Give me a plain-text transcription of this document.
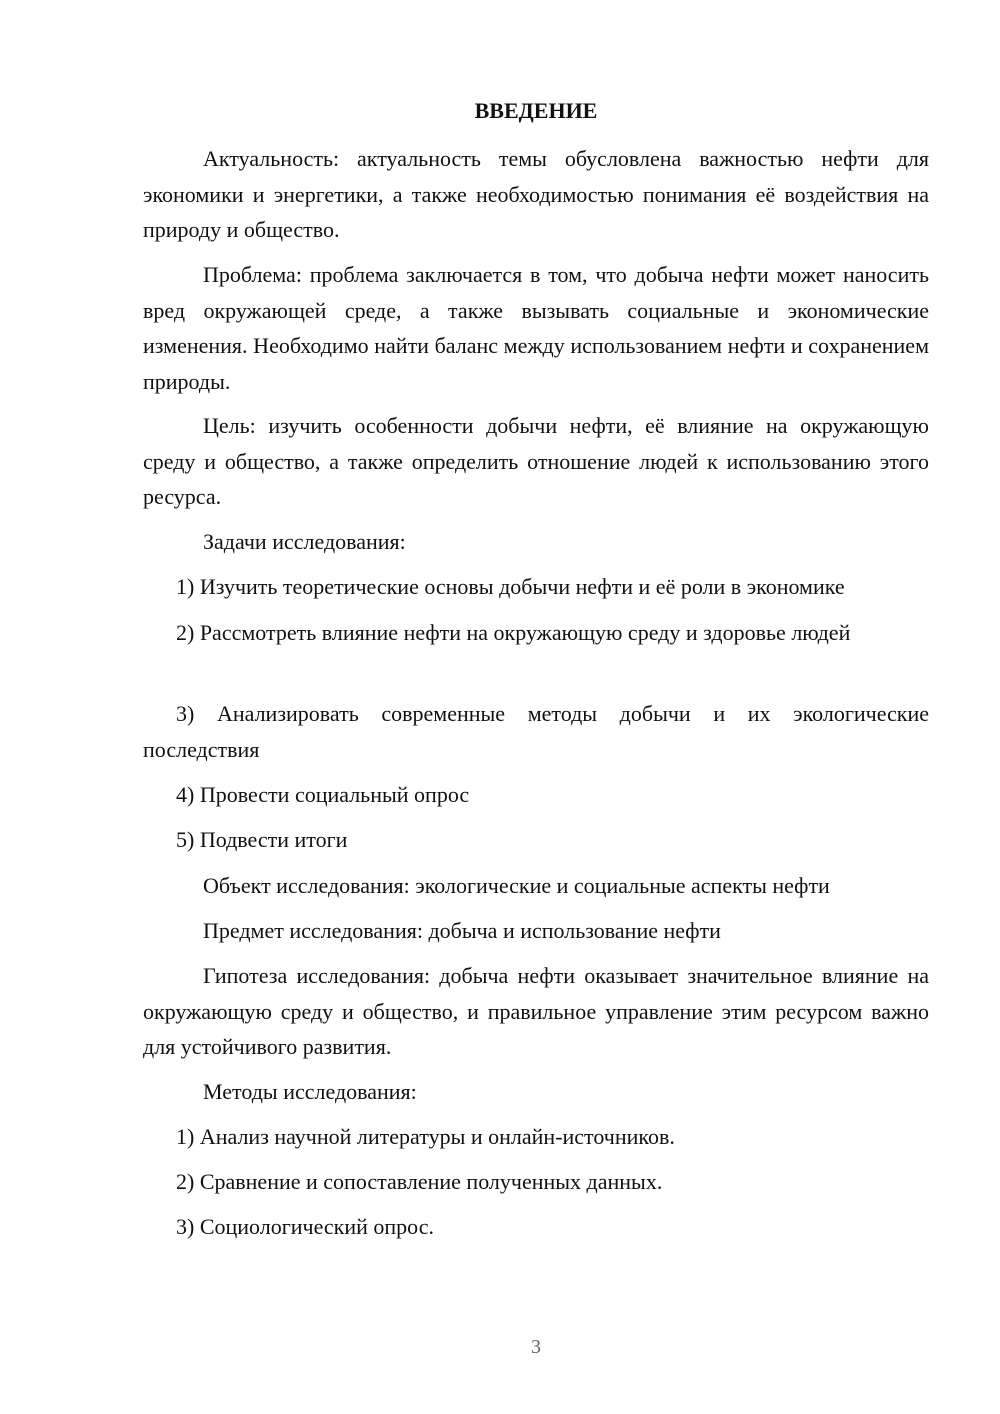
ВВЕДЕНИЕ

Актуальность: актуальность темы обусловлена важностью нефти для экономики и энергетики, а также необходимостью понимания её воздействия на природу и общество.

Проблема: проблема заключается в том, что добыча нефти может наносить вред окружающей среде, а также вызывать социальные и экономические изменения. Необходимо найти баланс между использованием нефти и сохранением природы.

Цель: изучить особенности добычи нефти, её влияние на окружающую среду и общество, а также определить отношение людей к использованию этого ресурса.

Задачи исследования:

1) Изучить теоретические основы добычи нефти и её роли в экономике

2) Рассмотреть влияние нефти на окружающую среду и здоровье людей

3) Анализировать современные методы добычи и их экологические последствия

4) Провести социальный опрос

5) Подвести итоги

Объект исследования: экологические и социальные аспекты нефти

Предмет исследования: добыча и использование нефти

Гипотеза исследования: добыча нефти оказывает значительное влияние на окружающую среду и общество, и правильное управление этим ресурсом важно для устойчивого развития.

Методы исследования:

1) Анализ научной литературы и онлайн-источников.

2) Сравнение и сопоставление полученных данных.

3) Социологический опрос.

3
